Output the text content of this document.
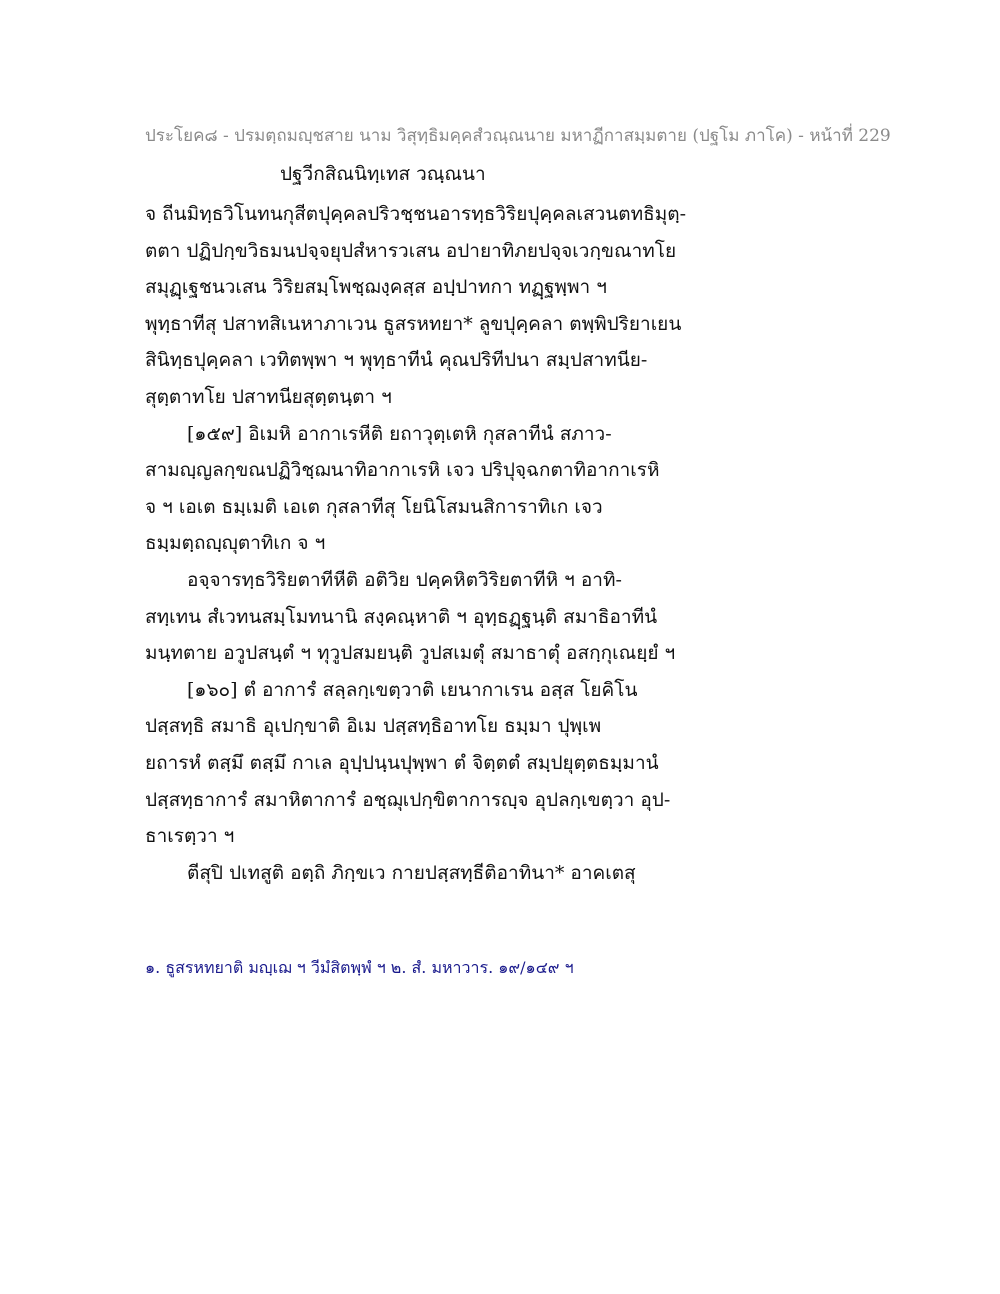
ประโยค๘ - ปรมตฺถมญฺชสาย นาม วิสุทฺธิมคฺคสํวณฺณนาย มหาฏีกาสมฺมตาย (ปฐโม ภาโค) - หน้าที่ 229
ปฐวีกสิณนิทฺเทส วณฺณนา
จ ถีนมิทฺธวิโนทนกุสีตปุคฺคลปริวชฺชนอารทฺธวิริยปุคฺคลเสวนตทธิมุตฺ-
ตตา ปฏิปกฺขวิธมนปจฺจยุปสํหารวเสน อปายาทิภยปจฺจเวกฺขณาทโย
สมุฏฺเฐชนวเสน วิริยสมฺโพชฺฌงฺคสฺส อปฺปาทกา ทฏฺฐพฺพา ฯ
พุทฺธาทีสุ ปสาทสิเนหาภาเวน ธูสรหทยา* ลูขปุคฺคลา ตพฺพิปริยาเยน
สินิทฺธปุคฺคลา เวทิตพฺพา ฯ พุทฺธาทีนํ คุณปริทีปนา สมฺปสาทนีย-
สุตฺตาทโย ปสาทนียสุตฺตนฺตา ฯ
[๑๕๙] อิเมหิ อากาเรหีติ ยถาวุตฺเตหิ กุสลาทีนํ สภาว-
สามญฺญลกฺขณปฏิวิชฺฌนาทิอากาเรหิ เจว ปริปุจฺฉกตาทิอากาเรหิ
จ ฯ เอเต ธมฺเมติ เอเต กุสลาทีสุ โยนิโสมนสิการาทิเก เจว
ธมฺมตฺถญฺญุตาทิเก จ ฯ
อจฺจารทฺธวิริยตาทีหีติ อติวิย ปคฺคหิตวิริยตาทีหิ ฯ อาทิ-
สทฺเทน สํเวทนสมฺโมทนานิ สงฺคณฺหาติ ฯ อุทฺธฏฺฐนฺติ สมาธิอาทีนํ
มนฺทตาย อวูปสนฺตํ ฯ ทุวูปสมยนฺติ วูปสเมตุํ สมาธาตุํ อสกฺกุเณยฺยํ ฯ
[๑๖๐] ตํ อาการํ สลฺลกฺเขตฺวาติ เยนากาเรน อสฺส โยคิโน
ปสฺสทฺธิ สมาธิ อุเปกฺขาติ อิเม ปสฺสทฺธิอาทโย ธมฺมา ปุพฺเพ
ยถารหํ ตสฺมึ ตสฺมึ กาเล อุปฺปนฺนปุพฺพา ตํ จิตฺตตํ สมฺปยุตฺตธมฺมานํ
ปสฺสทฺธาการํ สมาหิตาการํ อชฺฌุเปกฺขิตาการญฺจ อุปลกฺเขตฺวา อุป-
ธาเรตฺวา ฯ
ตีสุปิ ปเทสูติ อตฺถิ ภิกฺขเว กายปสฺสทฺธีติอาทินา* อาคเตสุ
๑. ธูสรหทยาติ มญฺเฌ ฯ วีมํสิตพฺพํ ฯ ๒. สํ. มหาวาร. ๑๙/๑๔๙ ฯ
